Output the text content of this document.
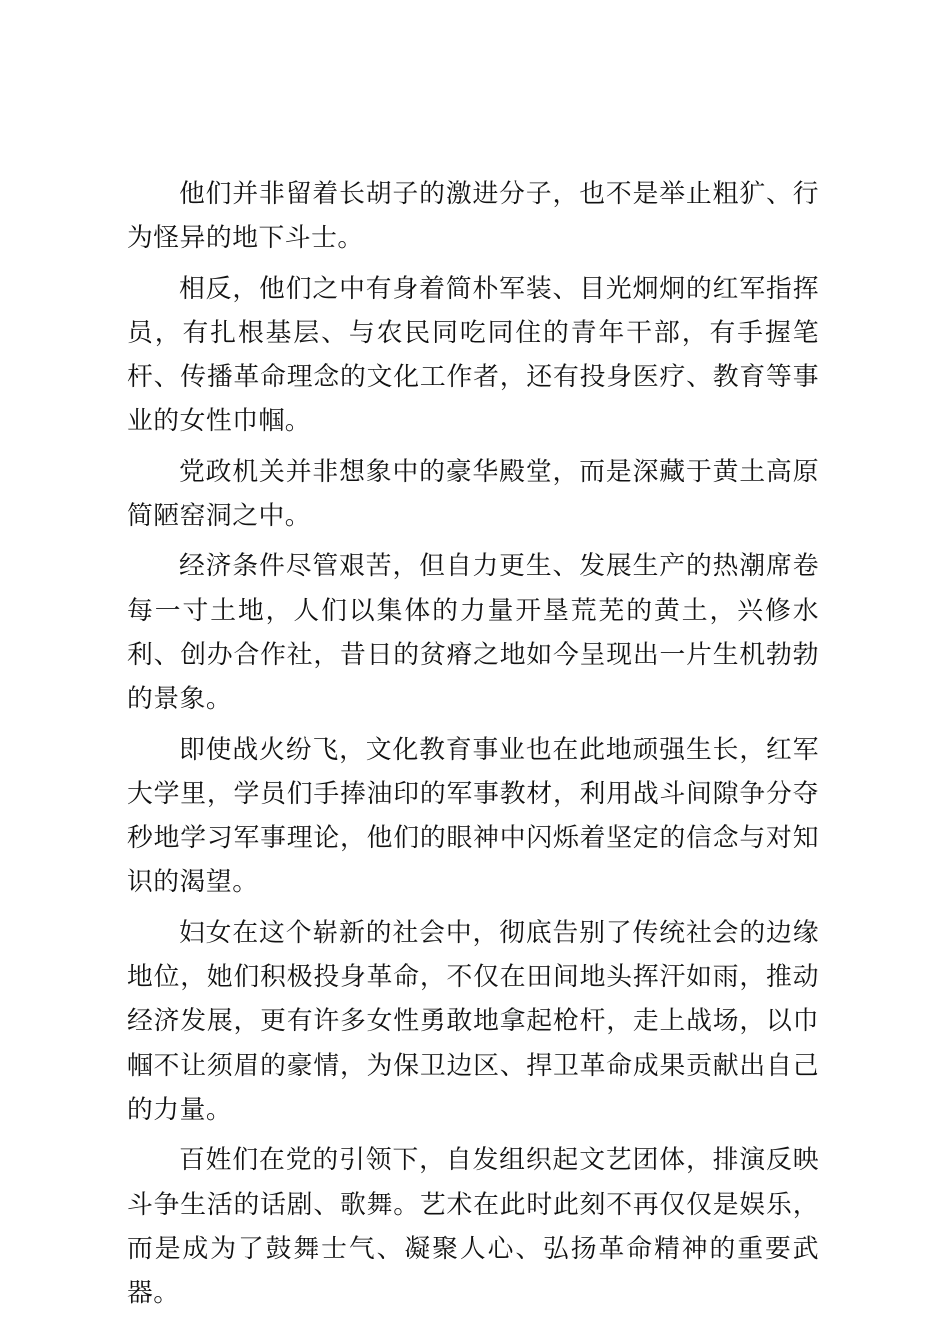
他们并非留着长胡子的激进分子，也不是举止粗犷、行为怪异的地下斗士。

相反，他们之中有身着简朴军装、目光炯炯的红军指挥员，有扎根基层、与农民同吃同住的青年干部，有手握笔杆、传播革命理念的文化工作者，还有投身医疗、教育等事业的女性巾帼。

党政机关并非想象中的豪华殿堂，而是深藏于黄土高原简陋窑洞之中。

经济条件尽管艰苦，但自力更生、发展生产的热潮席卷每一寸土地，人们以集体的力量开垦荒芜的黄土，兴修水利、创办合作社，昔日的贫瘠之地如今呈现出一片生机勃勃的景象。

即使战火纷飞，文化教育事业也在此地顽强生长，红军大学里，学员们手捧油印的军事教材，利用战斗间隙争分夺秒地学习军事理论，他们的眼神中闪烁着坚定的信念与对知识的渴望。

妇女在这个崭新的社会中，彻底告别了传统社会的边缘地位，她们积极投身革命，不仅在田间地头挥汗如雨，推动经济发展，更有许多女性勇敢地拿起枪杆，走上战场，以巾帼不让须眉的豪情，为保卫边区、捍卫革命成果贡献出自己的力量。

百姓们在党的引领下，自发组织起文艺团体，排演反映斗争生活的话剧、歌舞。艺术在此时此刻不再仅仅是娱乐，而是成为了鼓舞士气、凝聚人心、弘扬革命精神的重要武器。
